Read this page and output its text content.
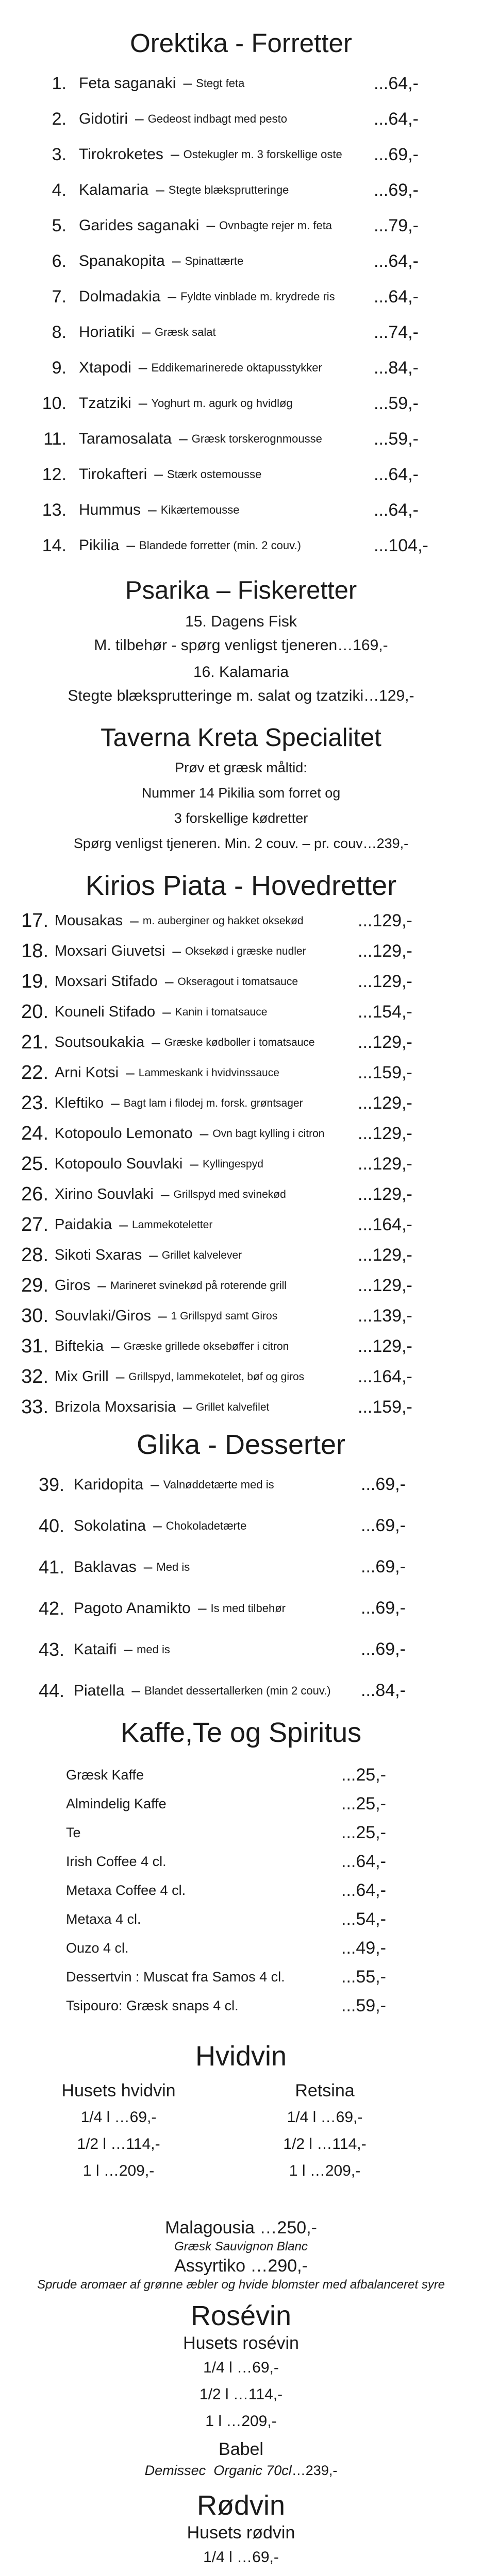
Orektika - Forretter
1. Feta saganaki – Stegt feta	...64,-
2. Gidotiri – Gedeost indbagt med pesto	...64,-
3. Tirokroketes – Ostekugler m. 3 forskellige oste ...69,-
4. Kalamaria – Stegte blæksprutteringe	...69,-
5. Garides saganaki – Ovnbagte rejer m. feta ...79,-
6. Spanakopita – Spinattærte	...64,-
7. Dolmadakia – Fyldte vinblade m. krydrede ris ...64,-
8. Horiatiki – Græsk salat	...74,-
9. Xtapodi – Eddikemarinerede oktapusstykker	...84,-
10. Tzatziki – Yoghurt m. agurk og hvidløg	...59,-
11. Taramosalata – Græsk torskerognmousse	...59,-
12. Tirokafteri – Stærk ostemousse	...64,-
13. Hummus – Kikærtemousse	...64,-
14. Pikilia – Blandede forretter (min. 2 couv.)	...104,-
Psarika – Fiskeretter
15. Dagens Fisk
M. tilbehør - spørg venligst tjeneren…169,-
16. Kalamaria
Stegte blæksprutteringe m. salat og tzatziki…129,-
Taverna Kreta Specialitet
Prøv et græsk måltid:
Nummer 14 Pikilia som forret og
3 forskellige kødretter
Spørg venligst tjeneren. Min. 2 couv. – pr. couv…239,-
Kirios Piata - Hovedretter
17. Mousakas – m. auberginer og hakket oksekød	...129,-
18. Moxsari Giuvetsi – Oksekød i græske nudler	...129,-
19. Moxsari Stifado – Okseragout i tomatsauce	...129,-
20. Kouneli Stifado – Kanin i tomatsauce	...154,-
21. Soutsoukakia – Græske kødboller i tomatsauce ...129,-
22. Arni Kotsi – Lammeskank i hvidvinssauce	...159,-
23. Kleftiko – Bagt lam i filodej m. forsk. grøntsager	...129,-
24. Kotopoulo Lemonato – Ovn bagt kylling i citron ...129,-
25. Kotopoulo Souvlaki – Kyllingespyd	...129,-
26. Xirino Souvlaki – Grillspyd med svinekød	...129,-
27. Paidakia – Lammekoteletter	...164,-
28. Sikoti Sxaras – Grillet kalvelever	...129,-
29. Giros – Marineret svinekød på roterende grill	...129,-
30. Souvlaki/Giros – 1 Grillspyd samt Giros	...139,-
31. Biftekia – Græske grillede oksebøffer i citron	...129,-
32. Mix Grill – Grillspyd, lammekotelet, bøf og giros	...164,-
33. Brizola Moxsarisia – Grillet kalvefilet	...159,-
Glika - Desserter
39. Karidopita – Valnøddetærte med is	...69,-
40. Sokolatina – Chokoladetærte	...69,-
41. Baklavas – Med is	...69,-
42. Pagoto Anamikto – Is med tilbehør	...69,-
43. Kataifi – med is	...69,-
44. Piatella – Blandet dessertallerken (min 2 couv.) ...84,-
Kaffe,Te og Spiritus
Græsk Kaffe	...25,-
Almindelig Kaffe	...25,-
Te	...25,-
Irish Coffee 4 cl.	...64,-
Metaxa Coffee 4 cl.	...64,-
Metaxa 4 cl.	...54,-
Ouzo 4 cl.	...49,-
Dessertvin : Muscat fra Samos 4 cl.	...55,-
Tsipouro: Græsk snaps 4 cl.	...59,-
Hvidvin
Husets hvidvin
1/4 l …69,-
1/2 l …114,-
1 l …209,-
Retsina
1/4 l …69,-
1/2 l …114,-
1 l …209,-
Malagousia …250,-
Græsk Sauvignon Blanc
Assyrtiko …290,-
Sprude aromaer af grønne æbler og hvide blomster med afbalanceret syre
Rosévin
Husets rosévin
1/4 l …69,-
1/2 l …114,-
1 l …209,-
Babel
Demissec Organic 70cl…239,-
Rødvin
Husets rødvin
1/4 l …69,-
